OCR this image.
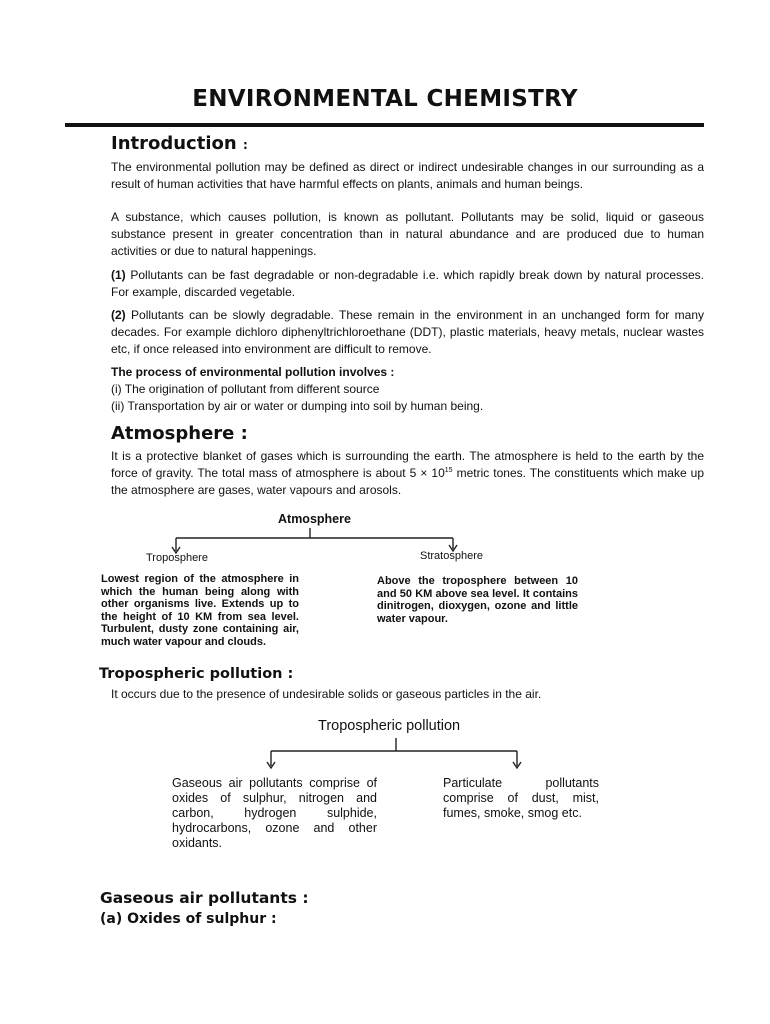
ENVIRONMENTAL CHEMISTRY
Introduction :

The environmental pollution may be defined as direct or indirect undesirable changes in our surrounding as a result of human activities that have harmful effects on plants, animals and human beings.

A substance, which causes pollution, is known as pollutant. Pollutants may be solid, liquid or gaseous substance present in greater concentration than in natural abundance and are produced due to human activities or due to natural happenings.

(1) Pollutants can be fast degradable or non-degradable i.e. which rapidly break down by natural processes. For example, discarded vegetable.

(2) Pollutants can be slowly degradable. These remain in the environment in an unchanged form for many decades. For example dichloro diphenyltrichloroethane (DDT), plastic materials, heavy metals, nuclear wastes etc, if once released into environment are difficult to remove.

The process of environmental pollution involves :

(i) The origination of pollutant from different source

(ii) Transportation by air or water or dumping into soil by human being.

Atmosphere :

It is a protective blanket of gases which is surrounding the earth. The atmosphere is held to the earth by the force of gravity. The total mass of atmosphere is about $5 \times 10^{15}$ metric tones. The constituents which make up the atmosphere are gases, water vapours and arosols.

Atmosphere
Troposphere	Stratosphere
Lowest region of the atmosphere in which the human being along with other organisms live. Extends up to the height of 10 KM from sea level. Turbulent, dusty zone containing air, much water vapour and clouds.
Above the troposphere between 10 and 50 KM above sea level. It contains dinitrogen, dioxygen, ozone and little water vapour.
Tropospheric pollution :

It occurs due to the presence of undesirable solids or gaseous particles in the air.

Tropospheric pollution
Gaseous air pollutants comprise of oxides of sulphur, nitrogen and carbon, hydrogen sulphide, hydrocarbons, ozone and other oxidants.
Particulate pollutants comprise of dust, mist, fumes, smoke, smog etc.
Gaseous air pollutants :
(a) Oxides of sulphur :
